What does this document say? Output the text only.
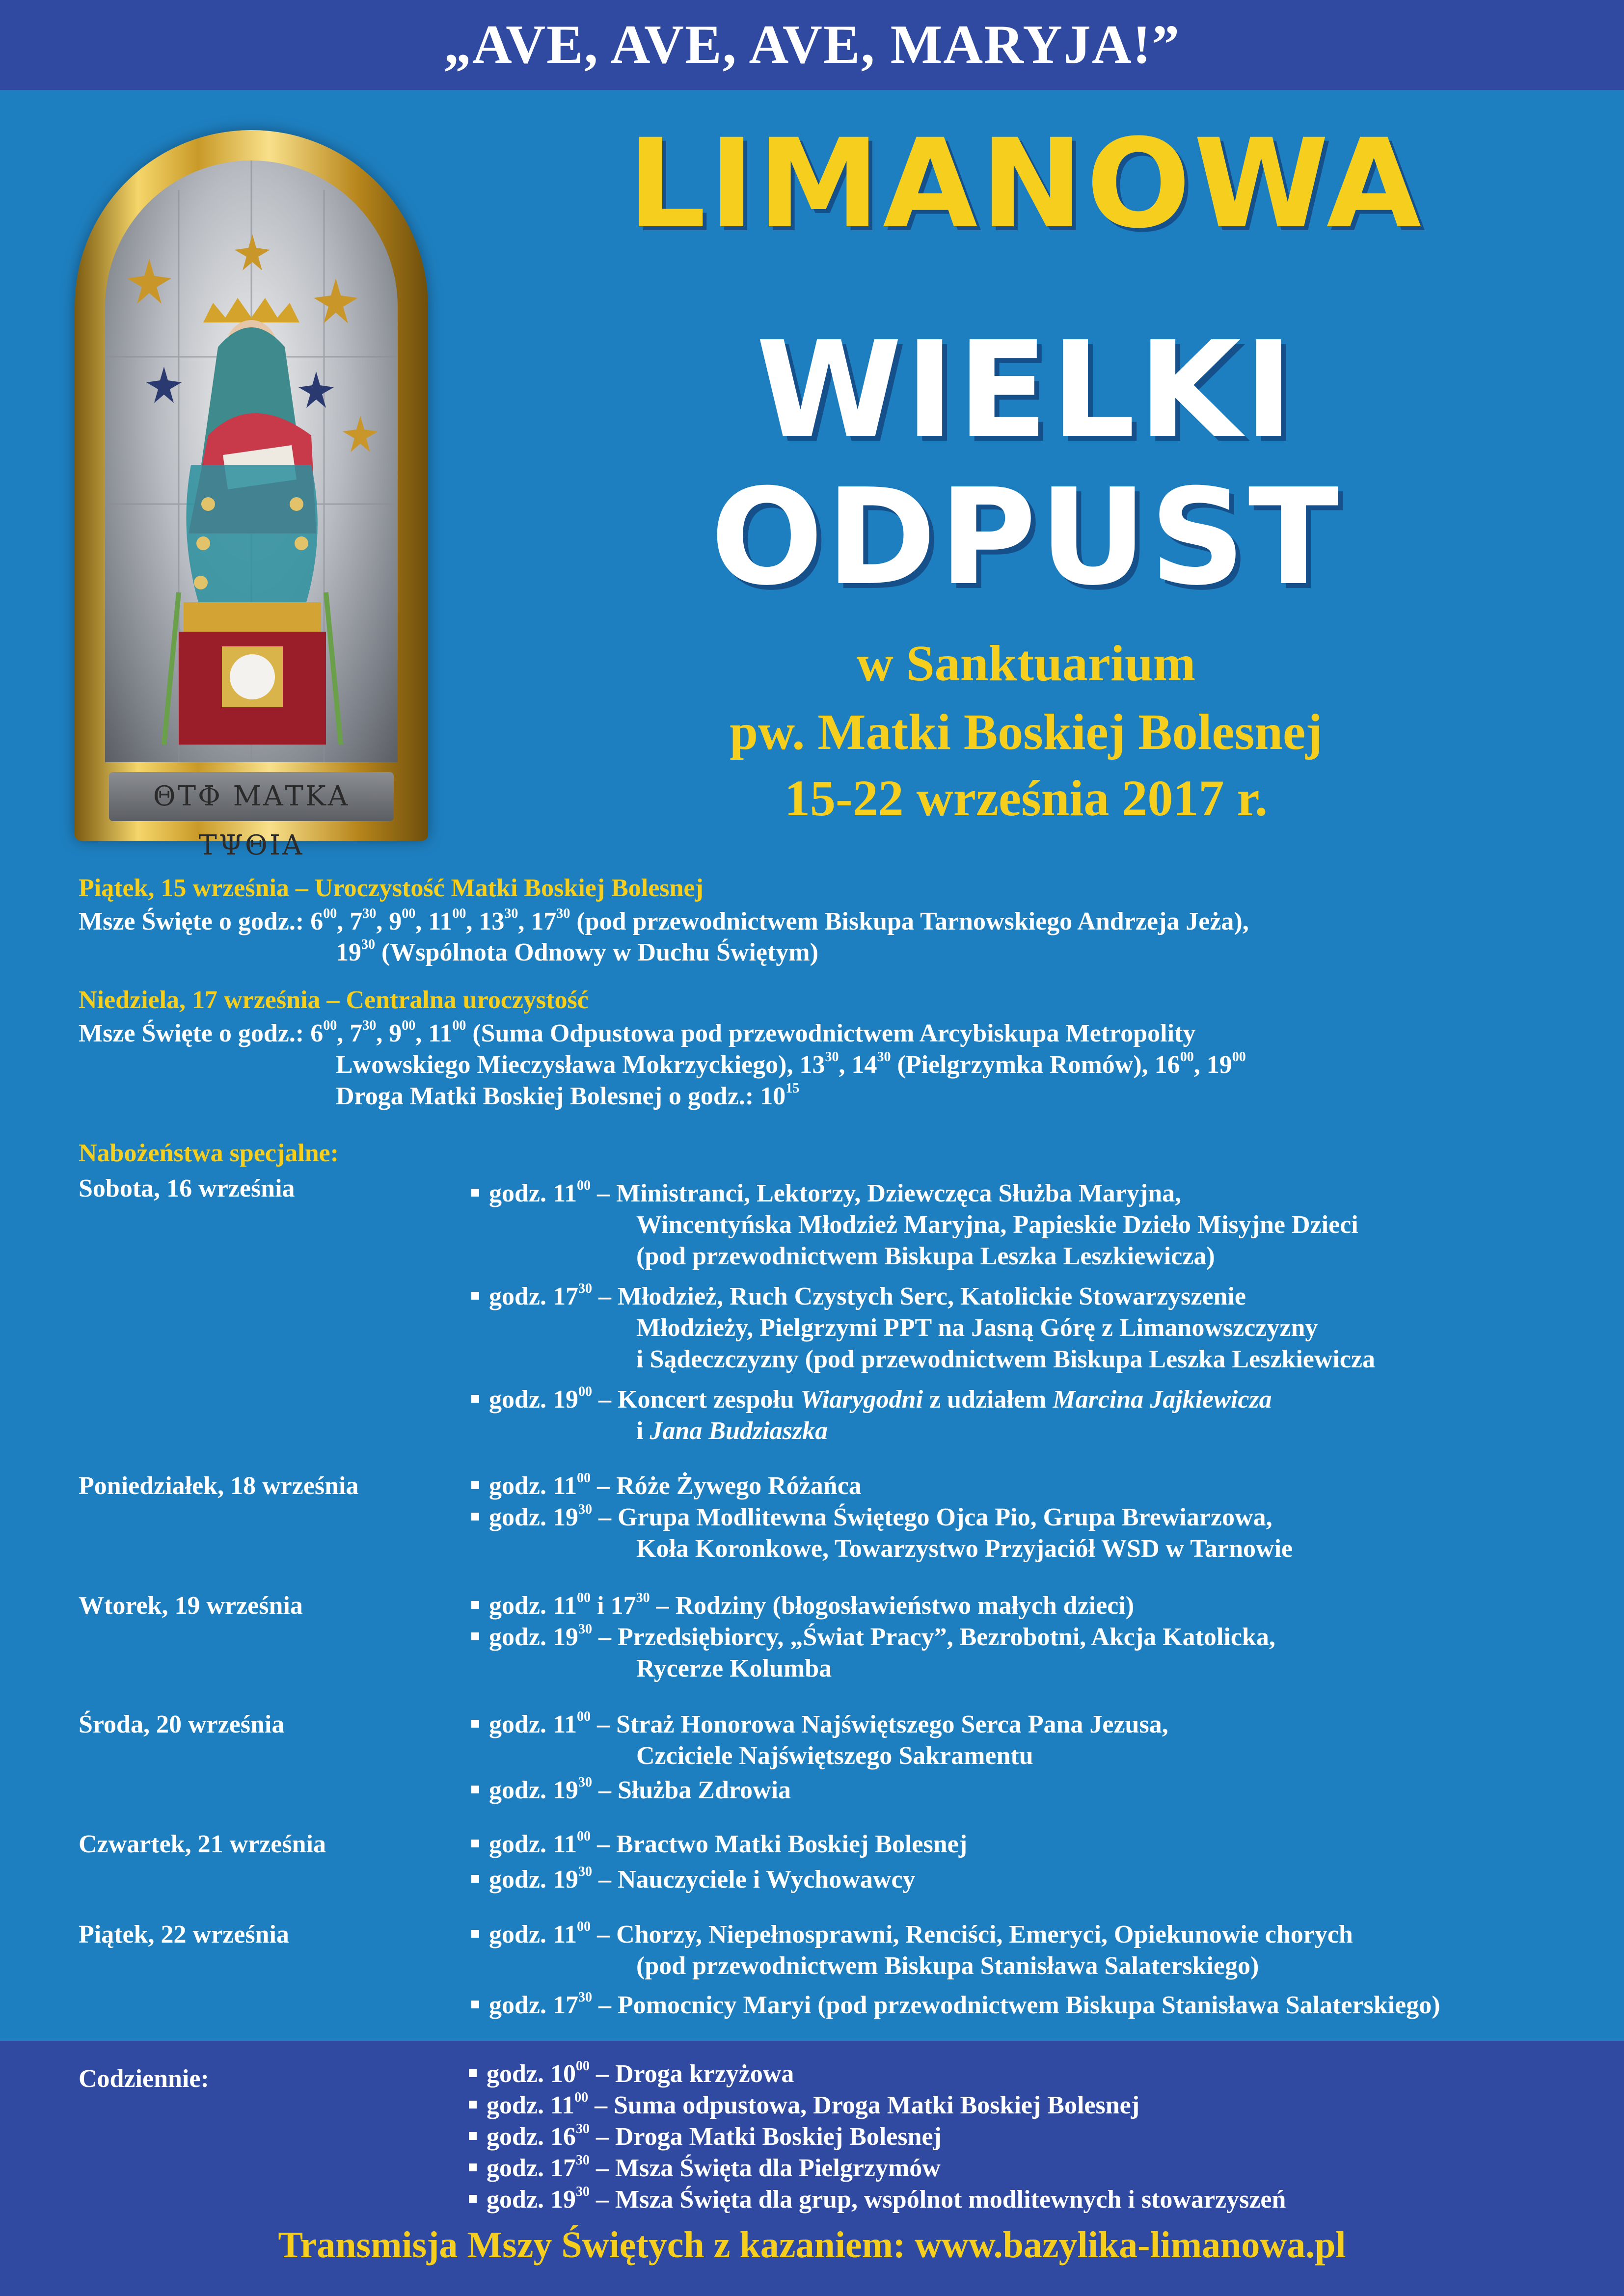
„AVE, AVE, AVE, MARYJA!”
ΘΤΦ ΜΑΤΚΑ ΤΨΘΙΑ
LIMANOWA
WIELKI
ODPUST
w Sanktuarium
pw. Matki Boskiej Bolesnej
15-22 września 2017 r.
Piątek, 15 września – Uroczystość Matki Boskiej Bolesnej
Msze Święte o godz.: $6^{00}$, $7^{30}$, $9^{00}$, $11^{00}$, $13^{30}$, $17^{30}$ (pod przewodnictwem Biskupa Tarnowskiego Andrzeja Jeża),
$19^{30}$ (Wspólnota Odnowy w Duchu Świętym)
Niedziela, 17 września – Centralna uroczystość
Msze Święte o godz.: $6^{00}$, $7^{30}$, $9^{00}$, $11^{00}$ (Suma Odpustowa pod przewodnictwem Arcybiskupa Metropolity
Lwowskiego Mieczysława Mokrzyckiego), $13^{30}$, $14^{30}$ (Pielgrzymka Romów), $16^{00}$, $19^{00}$
Droga Matki Boskiej Bolesnej o godz.: $10^{15}$
Nabożeństwa specjalne:
Sobota, 16 września	godz. $11^{00}$ – Ministranci, Lektorzy, Dziewczęca Służba Maryjna,
Wincentyńska Młodzież Maryjna, Papieskie Dzieło Misyjne Dzieci
(pod przewodnictwem Biskupa Leszka Leszkiewicza)
godz. $17^{30}$ – Młodzież, Ruch Czystych Serc, Katolickie Stowarzyszenie
Młodzieży, Pielgrzymi PPT na Jasną Górę z Limanowszczyzny
i Sądeczczyzny (pod przewodnictwem Biskupa Leszka Leszkiewicza
godz. $19^{00}$ – Koncert zespołu Wiarygodni z udziałem Marcina Jajkiewicza
i Jana Budziaszka
Poniedziałek, 18 września	godz. $11^{00}$ – Róże Żywego Różańca
godz. $19^{30}$ – Grupa Modlitewna Świętego Ojca Pio, Grupa Brewiarzowa,
Koła Koronkowe, Towarzystwo Przyjaciół WSD w Tarnowie
Wtorek, 19 września	godz. $11^{00}$ i $17^{30}$ – Rodziny (błogosławieństwo małych dzieci)
godz. $19^{30}$ – Przedsiębiorcy, „Świat Pracy”, Bezrobotni, Akcja Katolicka,
Rycerze Kolumba
Środa, 20 września	godz. $11^{00}$ – Straż Honorowa Najświętszego Serca Pana Jezusa,
Czciciele Najświętszego Sakramentu
godz. $19^{30}$ – Służba Zdrowia
Czwartek, 21 września	godz. $11^{00}$ – Bractwo Matki Boskiej Bolesnej
godz. $19^{30}$ – Nauczyciele i Wychowawcy
Piątek, 22 września	godz. $11^{00}$ – Chorzy, Niepełnosprawni, Renciści, Emeryci, Opiekunowie chorych
(pod przewodnictwem Biskupa Stanisława Salaterskiego)
godz. $17^{30}$ – Pomocnicy Maryi (pod przewodnictwem Biskupa Stanisława Salaterskiego)
Codziennie:	godz. $10^{00}$ – Droga krzyżowa
godz. $11^{00}$ – Suma odpustowa, Droga Matki Boskiej Bolesnej
godz. $16^{30}$ – Droga Matki Boskiej Bolesnej
godz. $17^{30}$ – Msza Święta dla Pielgrzymów
godz. $19^{30}$ – Msza Święta dla grup, wspólnot modlitewnych i stowarzyszeń
Transmisja Mszy Świętych z kazaniem: www.bazylika-limanowa.pl
